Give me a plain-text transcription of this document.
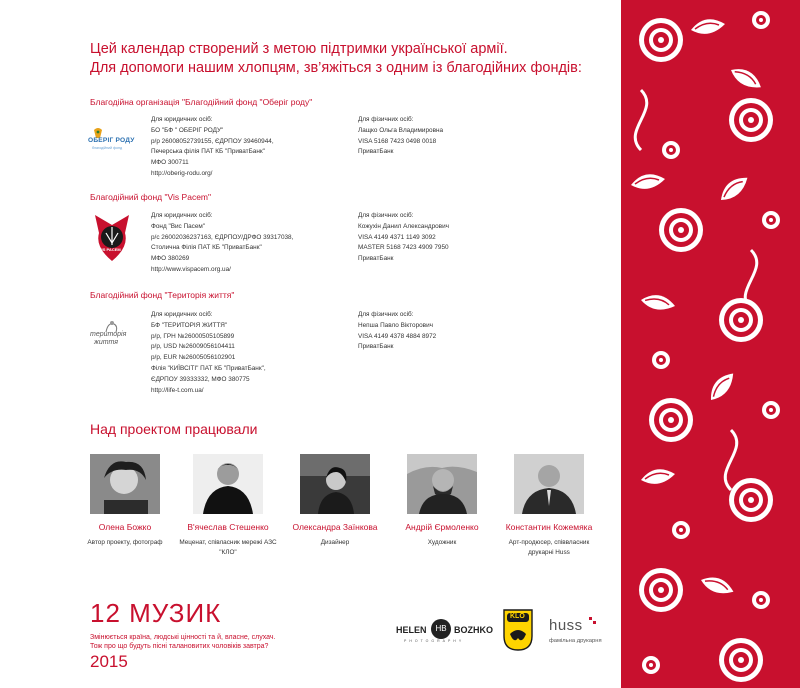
Цей календар створений з метою підтримки української армії.
Для допомоги нашим хлопцям, зв’яжіться з одним із благодійних фондів:
Благодійна організація "Благодійний фонд "Оберіг роду"
ОБЕРІГ РОДУ
благодійний фонд
Для юридичних осіб:
БО "БФ " ОБЕРІГ РОДУ"
р/р 26008052739155, ЄДРПОУ 39460944,
Печерська філія ПАТ КБ "ПриватБанк"
МФО 300711
http://oberig-rodu.org/
Для фізичних осіб:
Лащко Ольга Владимировна
VISA 5168 7423 0498 0018
ПриватБанк
Благодійний фонд "Vis Pacem"
VIS PACEM
Для юридичних осіб:
Фонд "Вис Пасем"
р/с 26002036237163, ЄДРПОУ/ДРФО 39317038,
Столична Філія ПАТ КБ "ПриватБанк"
МФО 380269
http://www.vispacem.org.ua/
Для фізичних осіб:
Кожухін Данил Александрович
VISA 4149 4371 1149 3092
MASTER 5168 7423 4909 7950
ПриватБанк
Благодійний фонд "Територія життя"
територія
життя
Для юридичних осіб:
БФ "ТЕРИТОРІЯ ЖИТТЯ"
р/р, ГРН №26000505105899
р/р, USD №26009056104411
р/р, EUR №26005056102901
Філія "КИЇВСІТІ" ПАТ КБ "ПриватБанк",
ЄДРПОУ 39333332, МФО 380775
http://life-t.com.ua/
Для фізичних осіб:
Непша Павло Вікторович
VISA 4149 4378 4884 8972
ПриватБанк
Над проектом працювали
Олена Божко
Автор проекту, фотограф
В'ячеслав Стешенко
Меценат, співласник мережі АЗС "КЛО"
Олександра Заїнкова
Дизайнер
Андрій Єрмоленко
Художник
Константин Кожемяка
Арт-продюсер, співвласник друкарні Huss
12 МУЗИК
Змінюється країна, людські цінності та й, власне, слухач.
Тож про що будуть пісні талановитих чоловіків завтра?
2015
HELEN	HB BOZHKO
PHOTOGRAPHY
KLO
huss
фамільна друкарня
